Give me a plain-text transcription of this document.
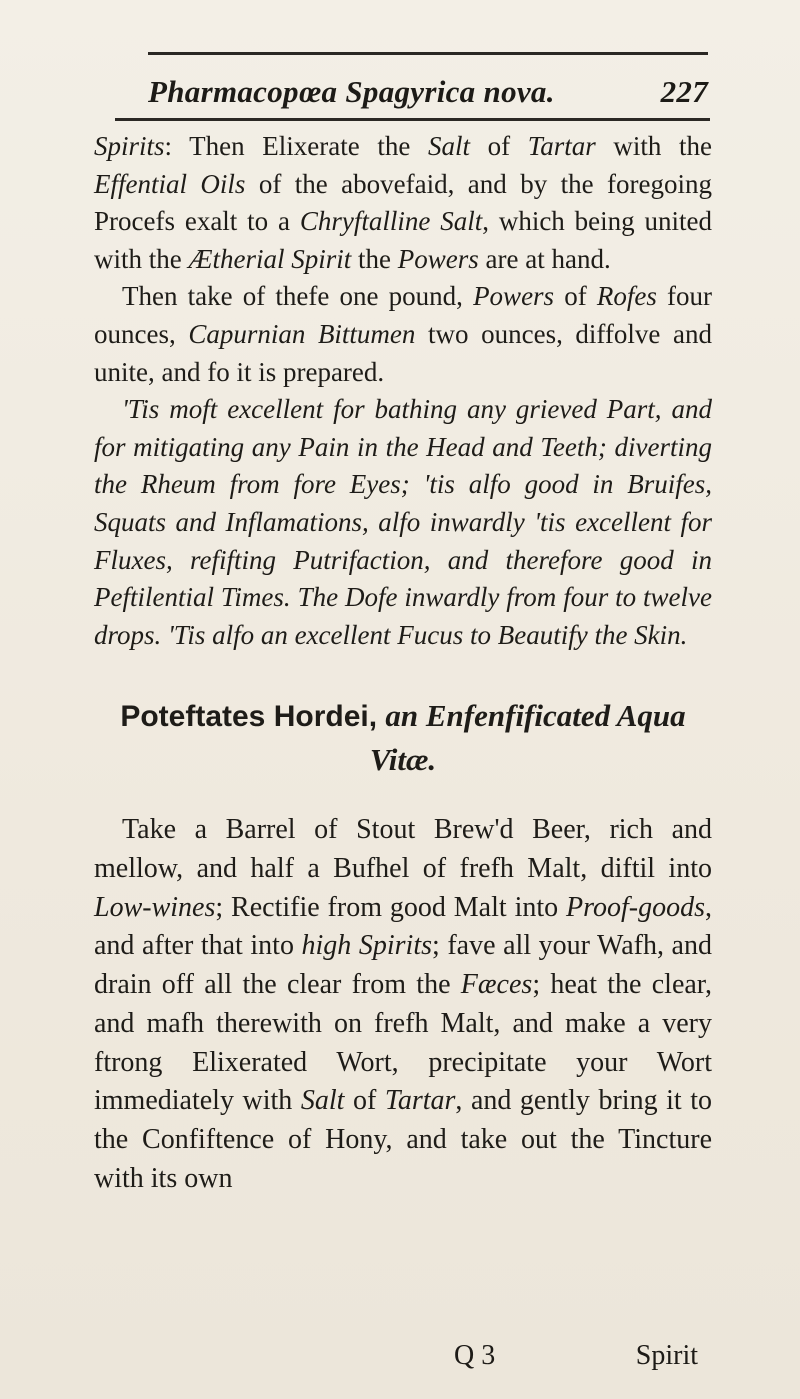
Pharmacopœa Spagyrica nova.	227

Spirits: Then Elixerate the Salt of Tartar with the Effential Oils of the abovefaid, and by the foregoing Procefs exalt to a Chryftalline Salt, which being united with the Ætherial Spirit the Powers are at hand.

Then take of thefe one pound, Powers of Rofes four ounces, Capurnian Bittumen two ounces, diffolve and unite, and fo it is prepared.

'Tis moft excellent for bathing any grieved Part, and for mitigating any Pain in the Head and Teeth; diverting the Rheum from fore Eyes; 'tis alfo good in Bruifes, Squats and Inflamations, alfo inwardly 'tis excellent for Fluxes, refifting Putrifaction, and therefore good in Peftilential Times. The Dofe inwardly from four to twelve drops. 'Tis alfo an excellent Fucus to Beautify the Skin.

Poteftates Hordei, an Enfenfificated Aqua Vitæ.

Take a Barrel of Stout Brew'd Beer, rich and mellow, and half a Bufhel of frefh Malt, diftil into Low-wines; Rectifie from good Malt into Proof-goods, and after that into high Spirits; fave all your Wafh, and drain off all the clear from the Fæces; heat the clear, and mafh therewith on frefh Malt, and make a very ftrong Elixerated Wort, precipitate your Wort immediately with Salt of Tartar, and gently bring it to the Confiftence of Hony, and take out the Tincture with its own

Q 3	Spirit
